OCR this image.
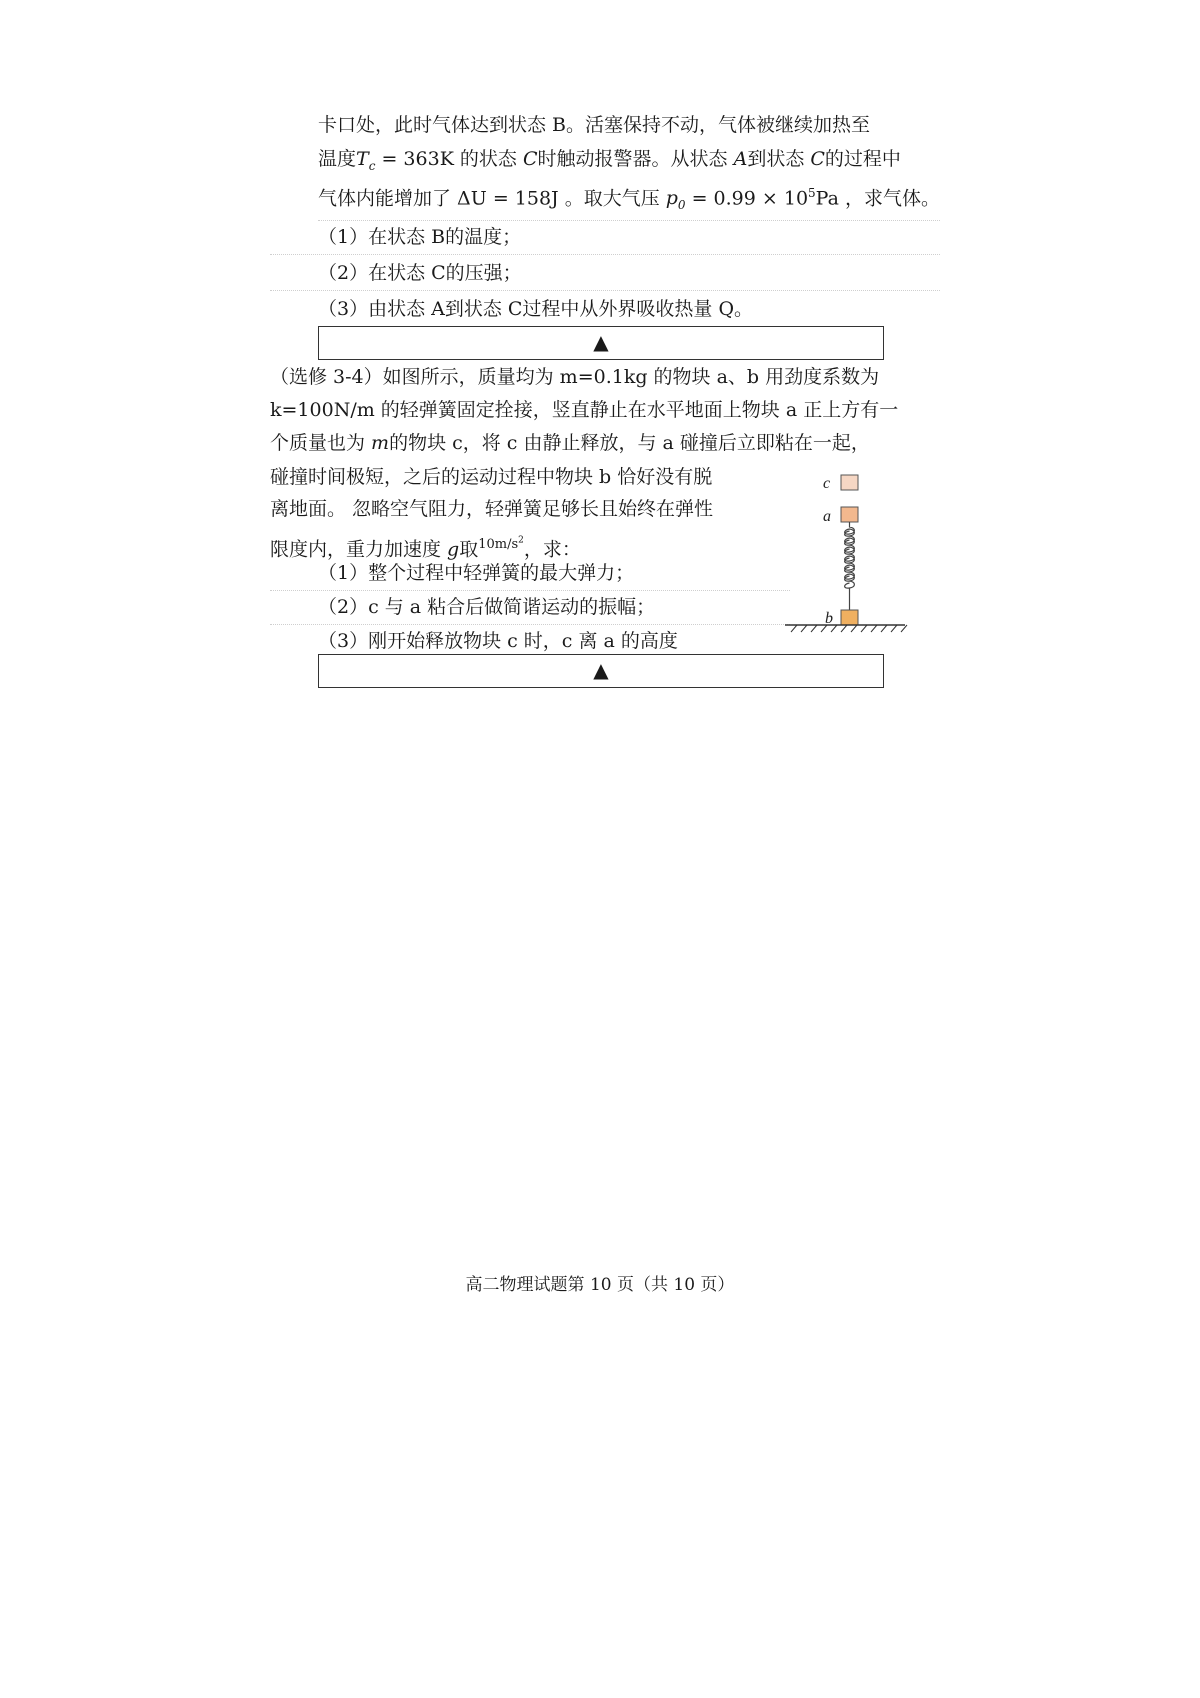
卡口处，此时气体达到状态 B。活塞保持不动，气体被继续加热至
温度$T_c = 363K$ 的状态 C时触动报警器。从状态 A到状态 C的过程中
气体内能增加了 ΔU = 158J 。取大气压 $p_0 = 0.99 \times 10^5Pa$ ，求气体。
（1）在状态 B的温度；
（2）在状态 C的压强；
（3）由状态 A到状态 C过程中从外界吸收热量 Q。
▲
（选修 3-4）如图所示，质量均为 m=0.1kg 的物块 a、b 用劲度系数为
k=100N/m 的轻弹簧固定拴接，竖直静止在水平地面上物块 a 正上方有一
个质量也为 m的物块 c，将 c 由静止释放，与 a 碰撞后立即粘在一起，
碰撞时间极短，之后的运动过程中物块 b 恰好没有脱
离地面。 忽略空气阻力，轻弹簧足够长且始终在弹性
限度内，重力加速度 g取$^{10m/s^2}$，求：
（1）整个过程中轻弹簧的最大弹力；
（2）c 与 a 粘合后做简谐运动的振幅；
（3）刚开始释放物块 c 时，c 离 a 的高度
c
a
b
▲
高二物理试题第 10 页（共 10 页）
